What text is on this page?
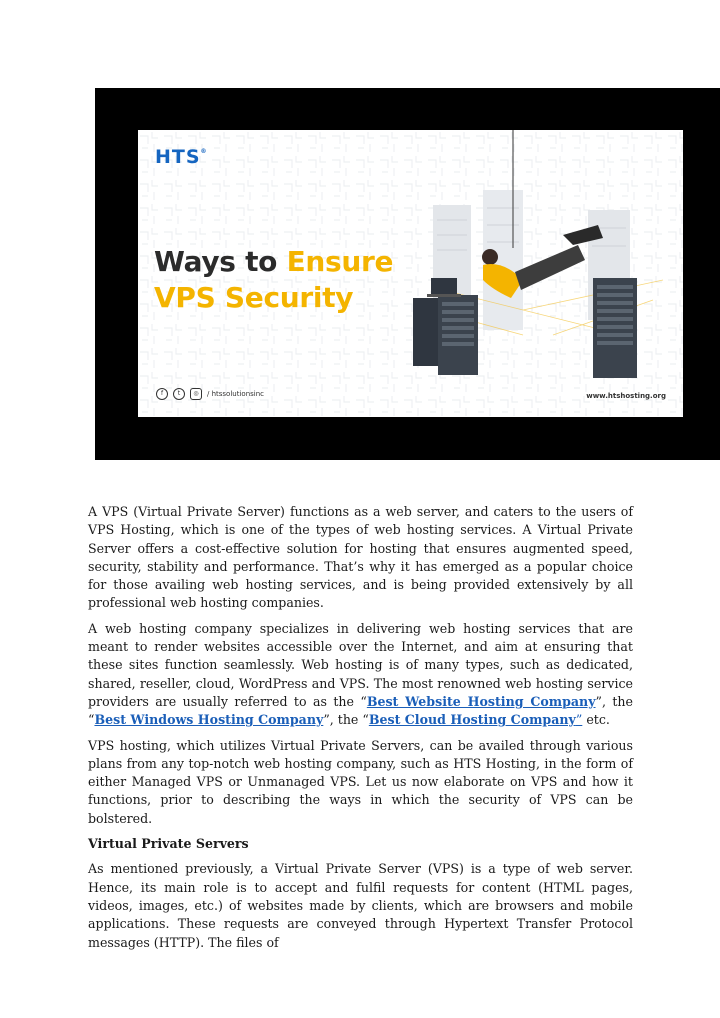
HTS®
Ways to Ensure
VPS Security
f	t	◎	/ htssolutionsinc	www.htshosting.org

A VPS (Virtual Private Server) functions as a web server, and caters to the users of VPS Hosting, which is one of the types of web hosting services. A Virtual Private Server offers a cost-effective solution for hosting that ensures augmented speed, security, stability and performance. That’s why it has emerged as a popular choice for those availing web hosting services, and is being provided extensively by all professional web hosting companies.

A web hosting company specializes in delivering web hosting services that are meant to render websites accessible over the Internet, and aim at ensuring that these sites function seamlessly. Web hosting is of many types, such as dedicated, shared, reseller, cloud, WordPress and VPS. The most renowned web hosting service providers are usually referred to as the “Best Website Hosting Company”, the “Best Windows Hosting Company”, the “Best Cloud Hosting Company” etc.

VPS hosting, which utilizes Virtual Private Servers, can be availed through various plans from any top-notch web hosting company, such as HTS Hosting, in the form of either Managed VPS or Unmanaged VPS. Let us now elaborate on VPS and how it functions, prior to describing the ways in which the security of VPS can be bolstered.

Virtual Private Servers

As mentioned previously, a Virtual Private Server (VPS) is a type of web server. Hence, its main role is to accept and fulfil requests for content (HTML pages, videos, images, etc.) of websites made by clients, which are browsers and mobile applications. These requests are conveyed through Hypertext Transfer Protocol messages (HTTP). The files of
